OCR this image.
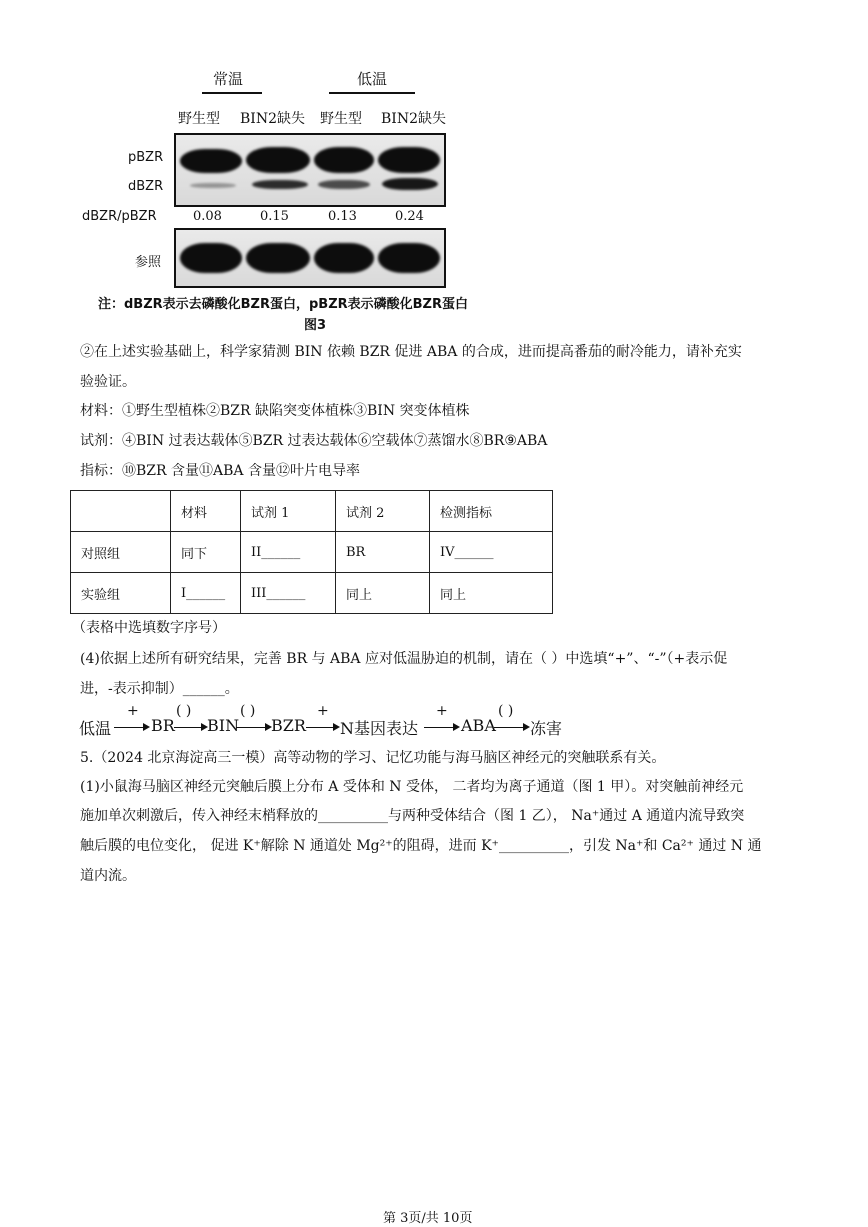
常温	低温
野生型 BIN2缺失 野生型 BIN2缺失
pBZR
dBZR
dBZR/pBZR	0.08	0.15	0.13	0.24
参照
注：dBZR表示去磷酸化BZR蛋白，pBZR表示磷酸化BZR蛋白
图3
②在上述实验基础上，科学家猜测 BIN 依赖 BZR 促进 ABA 的合成，进而提高番茄的耐冷能力，请补充实
验验证。
材料：①野生型植株②BZR 缺陷突变体植株③BIN 突变体植株
试剂：④BIN 过表达载体⑤BZR 过表达载体⑥空载体⑦蒸馏水⑧BR⑨ABA
指标：⑩BZR 含量⑪ABA 含量⑫叶片电导率
	材料	试剂 1	试剂 2	检测指标
对照组	同下	II______	BR	IV______
实验组	I______	III______	同上	同上
（表格中选填数字序号）
(4)依据上述所有研究结果，完善 BR 与 ABA 应对低温胁迫的机制，请在（ ）中选填“+”、“-”（+表示促
进，-表示抑制）______。
低温
+
BR
( )
BIN
( )
BZR
+
N基因表达
+
ABA
( )
冻害
5.（2024 北京海淀高三一模）高等动物的学习、记忆功能与海马脑区神经元的突触联系有关。
(1)小鼠海马脑区神经元突触后膜上分布 A 受体和 N 受体， 二者均为离子通道（图 1 甲）。对突触前神经元
施加单次刺激后，传入神经末梢释放的__________与两种受体结合（图 1 乙）， Na⁺通过 A 通道内流导致突
触后膜的电位变化， 促进 K⁺解除 N 通道处 Mg²⁺的阻碍，进而 K⁺__________，引发 Na⁺和 Ca²⁺ 通过 N 通
道内流。
第 3页/共 10页
